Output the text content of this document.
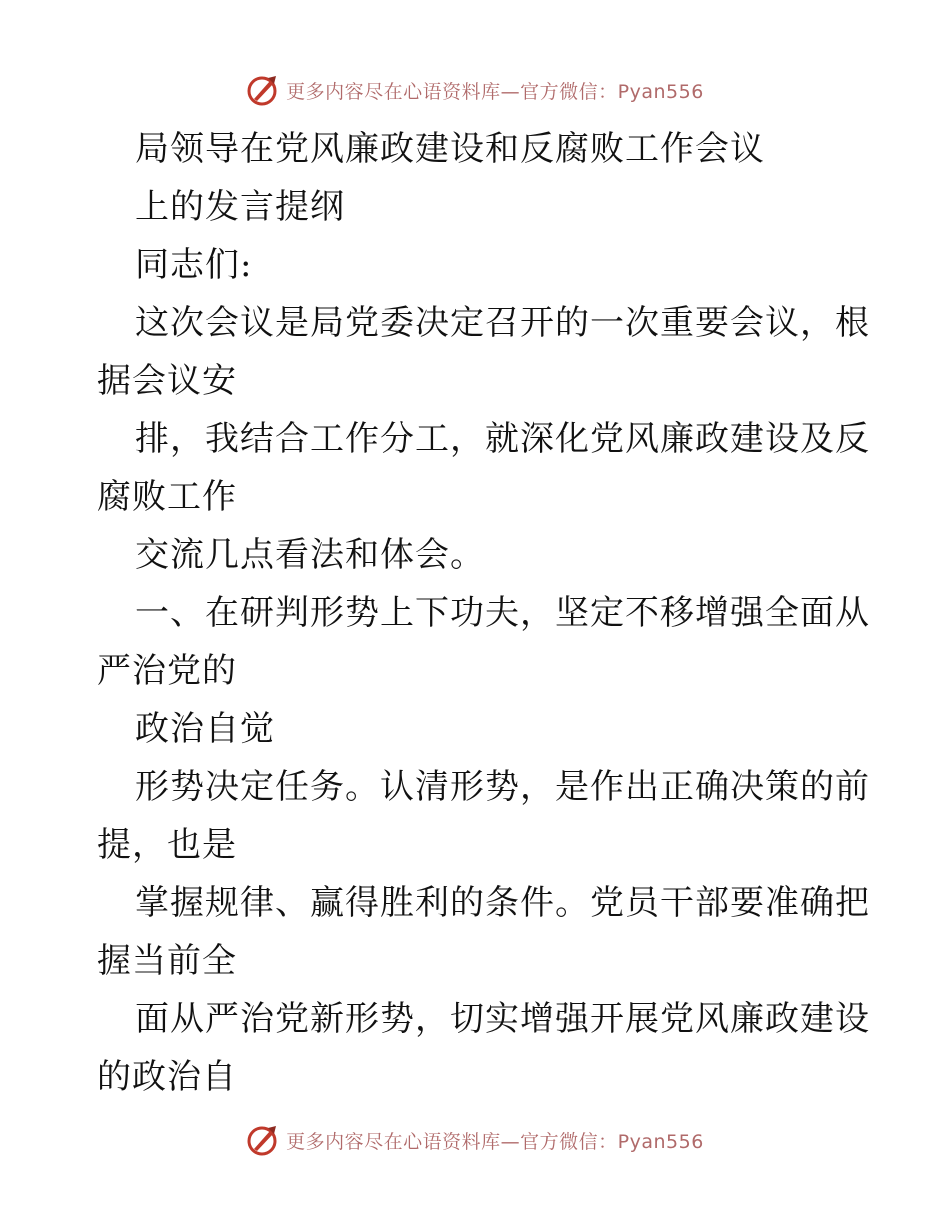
更多内容尽在心语资料库—官方微信：Pyan556
局领导在党风廉政建设和反腐败工作会议
上的发言提纲
同志们:
这次会议是局党委决定召开的一次重要会议，根
据会议安
排，我结合工作分工，就深化党风廉政建设及反
腐败工作
交流几点看法和体会。
一、在研判形势上下功夫，坚定不移增强全面从
严治党的
政治自觉
形势决定任务。认清形势，是作出正确决策的前
提，也是
掌握规律、赢得胜利的条件。党员干部要准确把
握当前全
面从严治党新形势，切实增强开展党风廉政建设
的政治自
更多内容尽在心语资料库—官方微信：Pyan556
